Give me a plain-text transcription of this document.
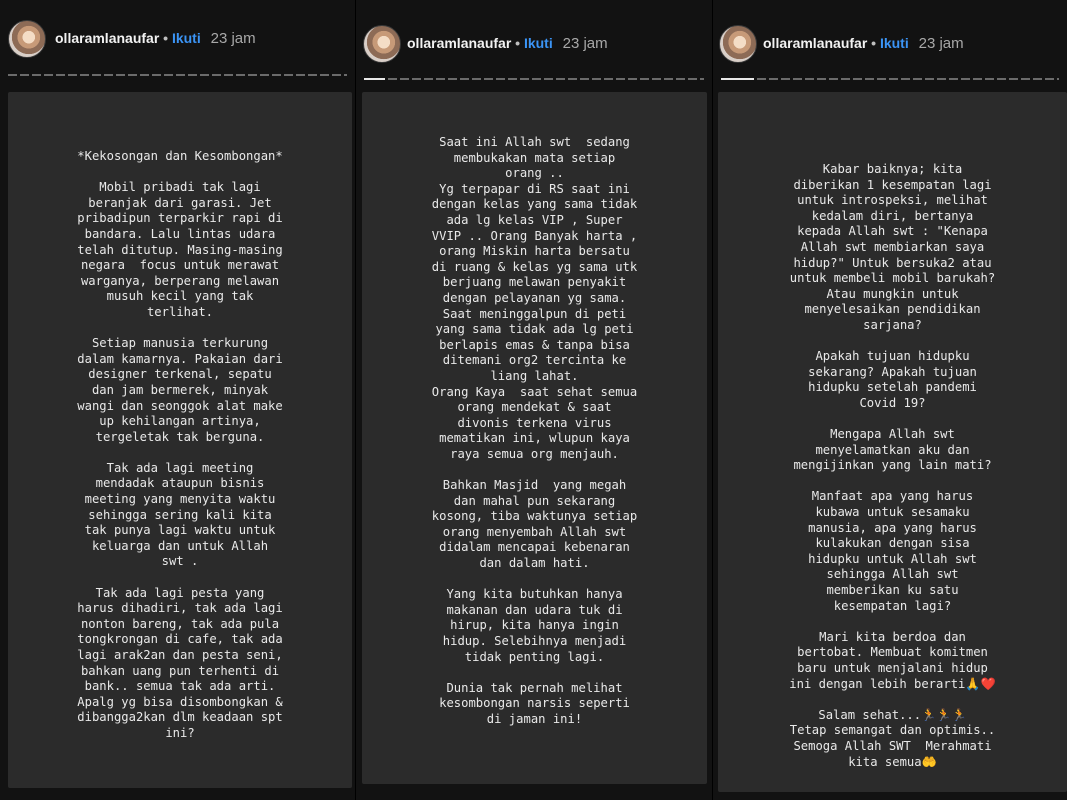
ollaramlanaufar • Ikuti 23 jam
*Kekosongan dan Kesombongan*

Mobil pribadi tak lagi
beranjak dari garasi. Jet
pribadipun terparkir rapi di
bandara. Lalu lintas udara
telah ditutup. Masing-masing
negara  focus untuk merawat
warganya, berperang melawan
musuh kecil yang tak
terlihat.

Setiap manusia terkurung
dalam kamarnya. Pakaian dari
designer terkenal, sepatu
dan jam bermerek, minyak
wangi dan seonggok alat make
up kehilangan artinya,
tergeletak tak berguna.

Tak ada lagi meeting
mendadak ataupun bisnis
meeting yang menyita waktu
sehingga sering kali kita
tak punya lagi waktu untuk
keluarga dan untuk Allah
swt .

Tak ada lagi pesta yang
harus dihadiri, tak ada lagi
nonton bareng, tak ada pula
tongkrongan di cafe, tak ada
lagi arak2an dan pesta seni,
bahkan uang pun terhenti di
bank.. semua tak ada arti.
Apalg yg bisa disombongkan &
dibangga2kan dlm keadaan spt
ini?
ollaramlanaufar • Ikuti 23 jam
Saat ini Allah swt  sedang
membukakan mata setiap
orang ..
Yg terpapar di RS saat ini
dengan kelas yang sama tidak
ada lg kelas VIP , Super
VVIP .. Orang Banyak harta ,
orang Miskin harta bersatu
di ruang & kelas yg sama utk
berjuang melawan penyakit
dengan pelayanan yg sama.
Saat meninggalpun di peti
yang sama tidak ada lg peti
berlapis emas & tanpa bisa
ditemani org2 tercinta ke
liang lahat.
Orang Kaya  saat sehat semua
orang mendekat & saat
divonis terkena virus
mematikan ini, wlupun kaya
raya semua org menjauh.

Bahkan Masjid  yang megah
dan mahal pun sekarang
kosong, tiba waktunya setiap
orang menyembah Allah swt
didalam mencapai kebenaran
dan dalam hati.

Yang kita butuhkan hanya
makanan dan udara tuk di
hirup, kita hanya ingin
hidup. Selebihnya menjadi
tidak penting lagi.

Dunia tak pernah melihat
kesombongan narsis seperti
di jaman ini!
ollaramlanaufar • Ikuti 23 jam
Kabar baiknya; kita
diberikan 1 kesempatan lagi
untuk introspeksi, melihat
kedalam diri, bertanya
kepada Allah swt : "Kenapa
Allah swt membiarkan saya
hidup?" Untuk bersuka2 atau
untuk membeli mobil barukah?
Atau mungkin untuk
menyelesaikan pendidikan
sarjana?

Apakah tujuan hidupku
sekarang? Apakah tujuan
hidupku setelah pandemi
Covid 19?

Mengapa Allah swt
menyelamatkan aku dan
mengijinkan yang lain mati?

Manfaat apa yang harus
kubawa untuk sesamaku
manusia, apa yang harus
kulakukan dengan sisa
hidupku untuk Allah swt
sehingga Allah swt
memberikan ku satu
kesempatan lagi?

Mari kita berdoa dan
bertobat. Membuat komitmen
baru untuk menjalani hidup
ini dengan lebih berarti🙏❤️

Salam sehat...🏃🏃🏃
Tetap semangat dan optimis..
Semoga Allah SWT  Merahmati
kita semua🤲
